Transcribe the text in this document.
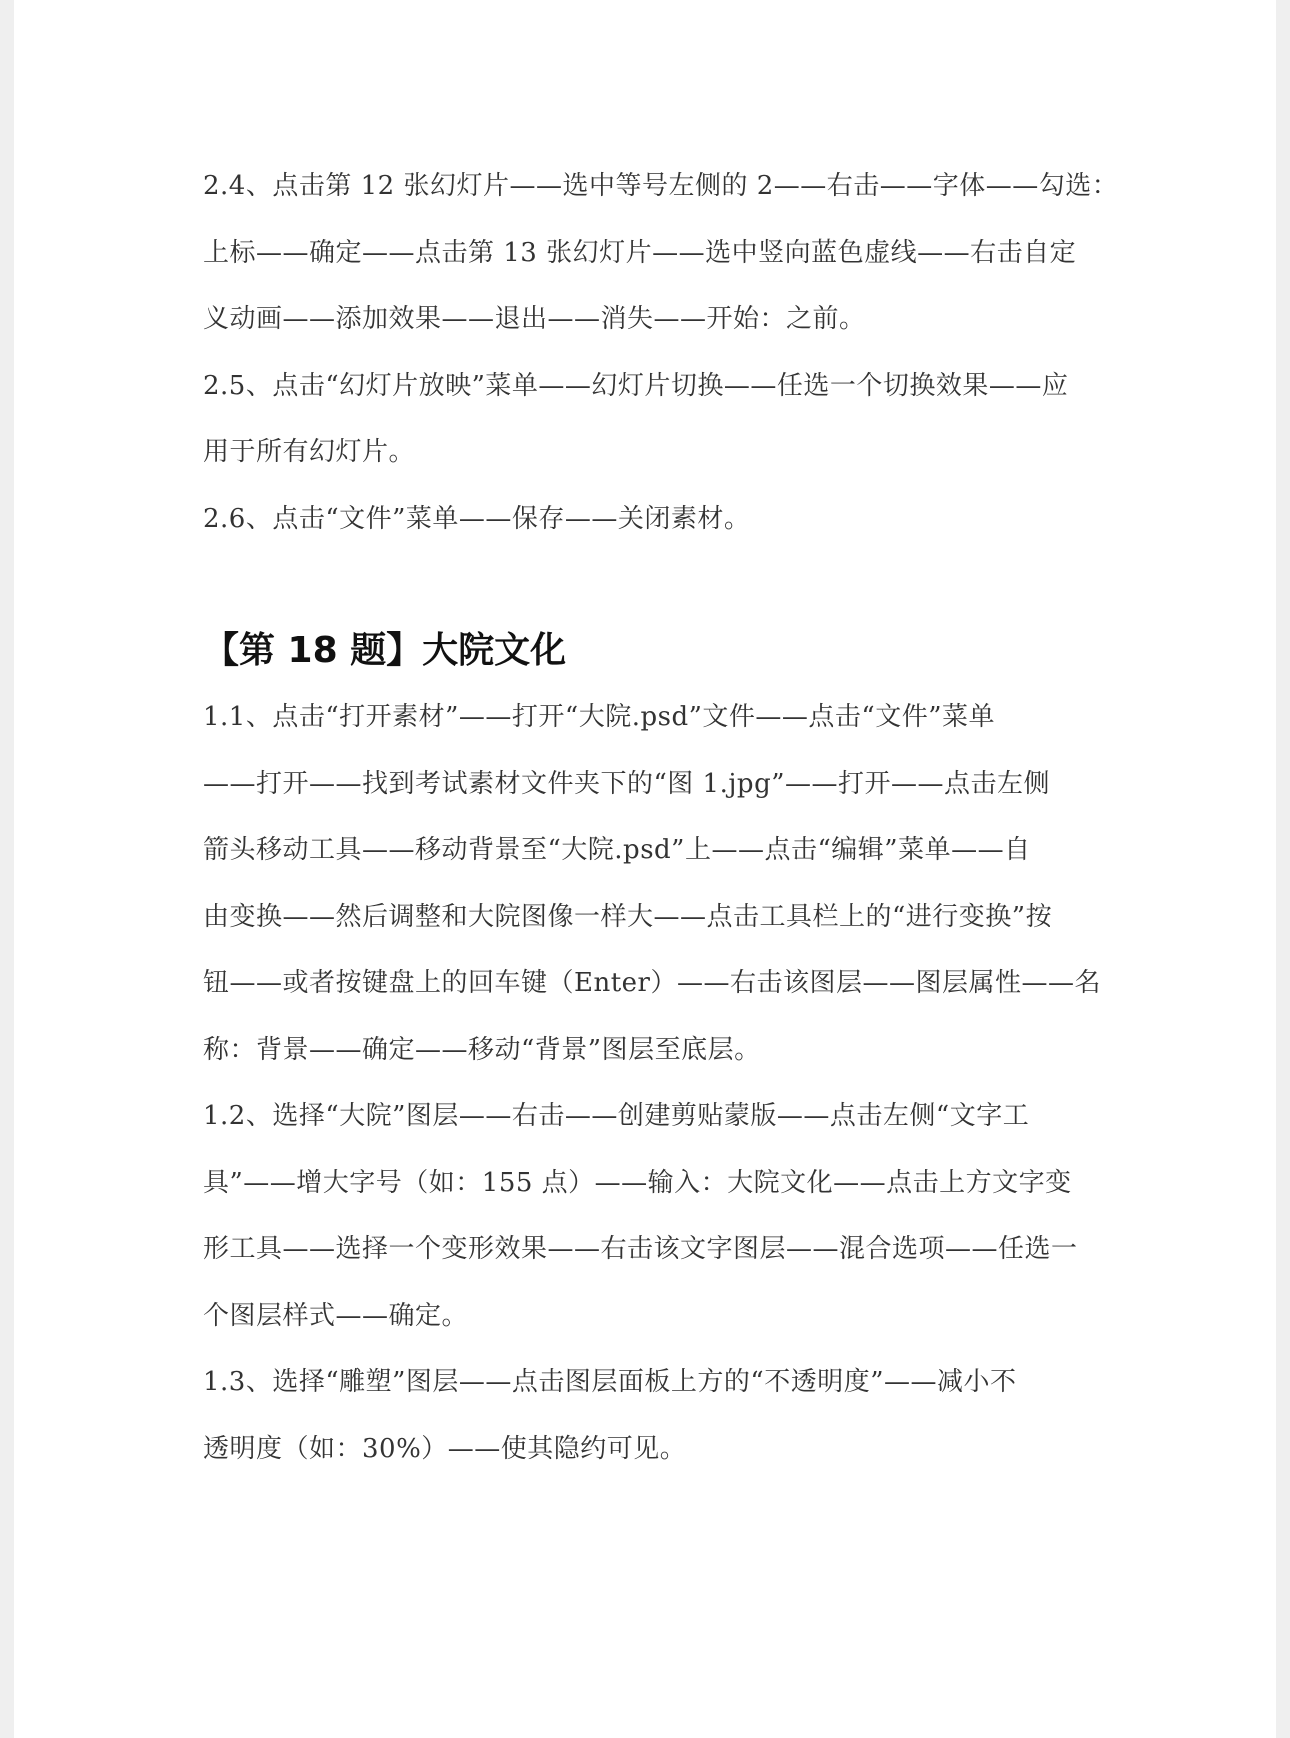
2.4、点击第 12 张幻灯片——选中等号左侧的 2——右击——字体——勾选：
上标——确定——点击第 13 张幻灯片——选中竖向蓝色虚线——右击自定
义动画——添加效果——退出——消失——开始：之前。
2.5、点击“幻灯片放映”菜单——幻灯片切换——任选一个切换效果——应
用于所有幻灯片。
2.6、点击“文件”菜单——保存——关闭素材。
【第 18 题】大院文化
1.1、点击“打开素材”——打开“大院.psd”文件——点击“文件”菜单
——打开——找到考试素材文件夹下的“图 1.jpg”——打开——点击左侧
箭头移动工具——移动背景至“大院.psd”上——点击“编辑”菜单——自
由变换——然后调整和大院图像一样大——点击工具栏上的“进行变换”按
钮——或者按键盘上的回车键（Enter）——右击该图层——图层属性——名
称：背景——确定——移动“背景”图层至底层。
1.2、选择“大院”图层——右击——创建剪贴蒙版——点击左侧“文字工
具”——增大字号（如：155 点）——输入：大院文化——点击上方文字变
形工具——选择一个变形效果——右击该文字图层——混合选项——任选一
个图层样式——确定。
1.3、选择“雕塑”图层——点击图层面板上方的“不透明度”——减小不
透明度（如：30%）——使其隐约可见。
